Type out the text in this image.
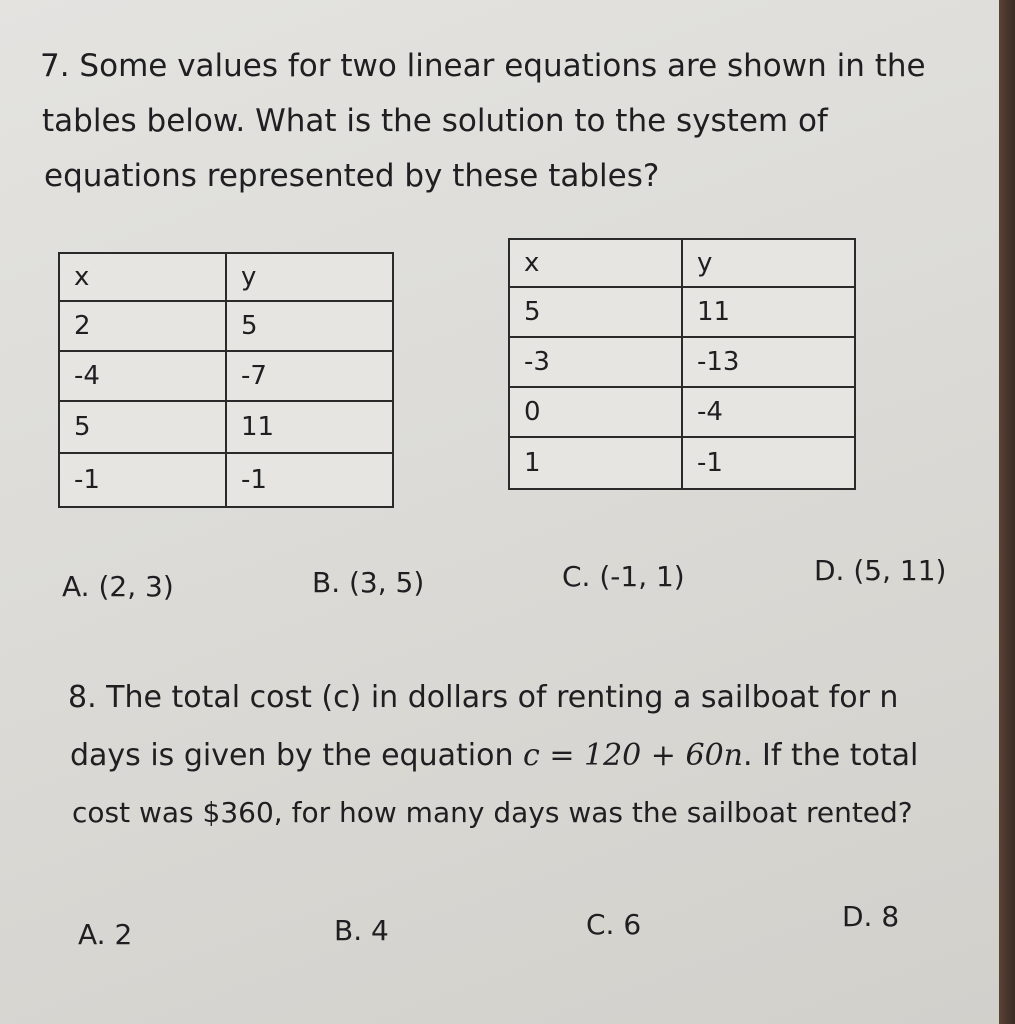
7. Some values for two linear equations are shown in the

tables below. What is the solution to the system of

equations represented by these tables?

x	y
2	5
-4	-7
5	11
-1	-1
x	y
5	11
-3	-13
0	-4
1	-1
A. (2, 3)	B. (3, 5)	C. (-1, 1)	D. (5, 11)

8. The total cost (c) in dollars of renting a sailboat for n

days is given by the equation c = 120 + 60n. If the total

cost was $360, for how many days was the sailboat rented?

A. 2	B. 4	C. 6	D. 8
